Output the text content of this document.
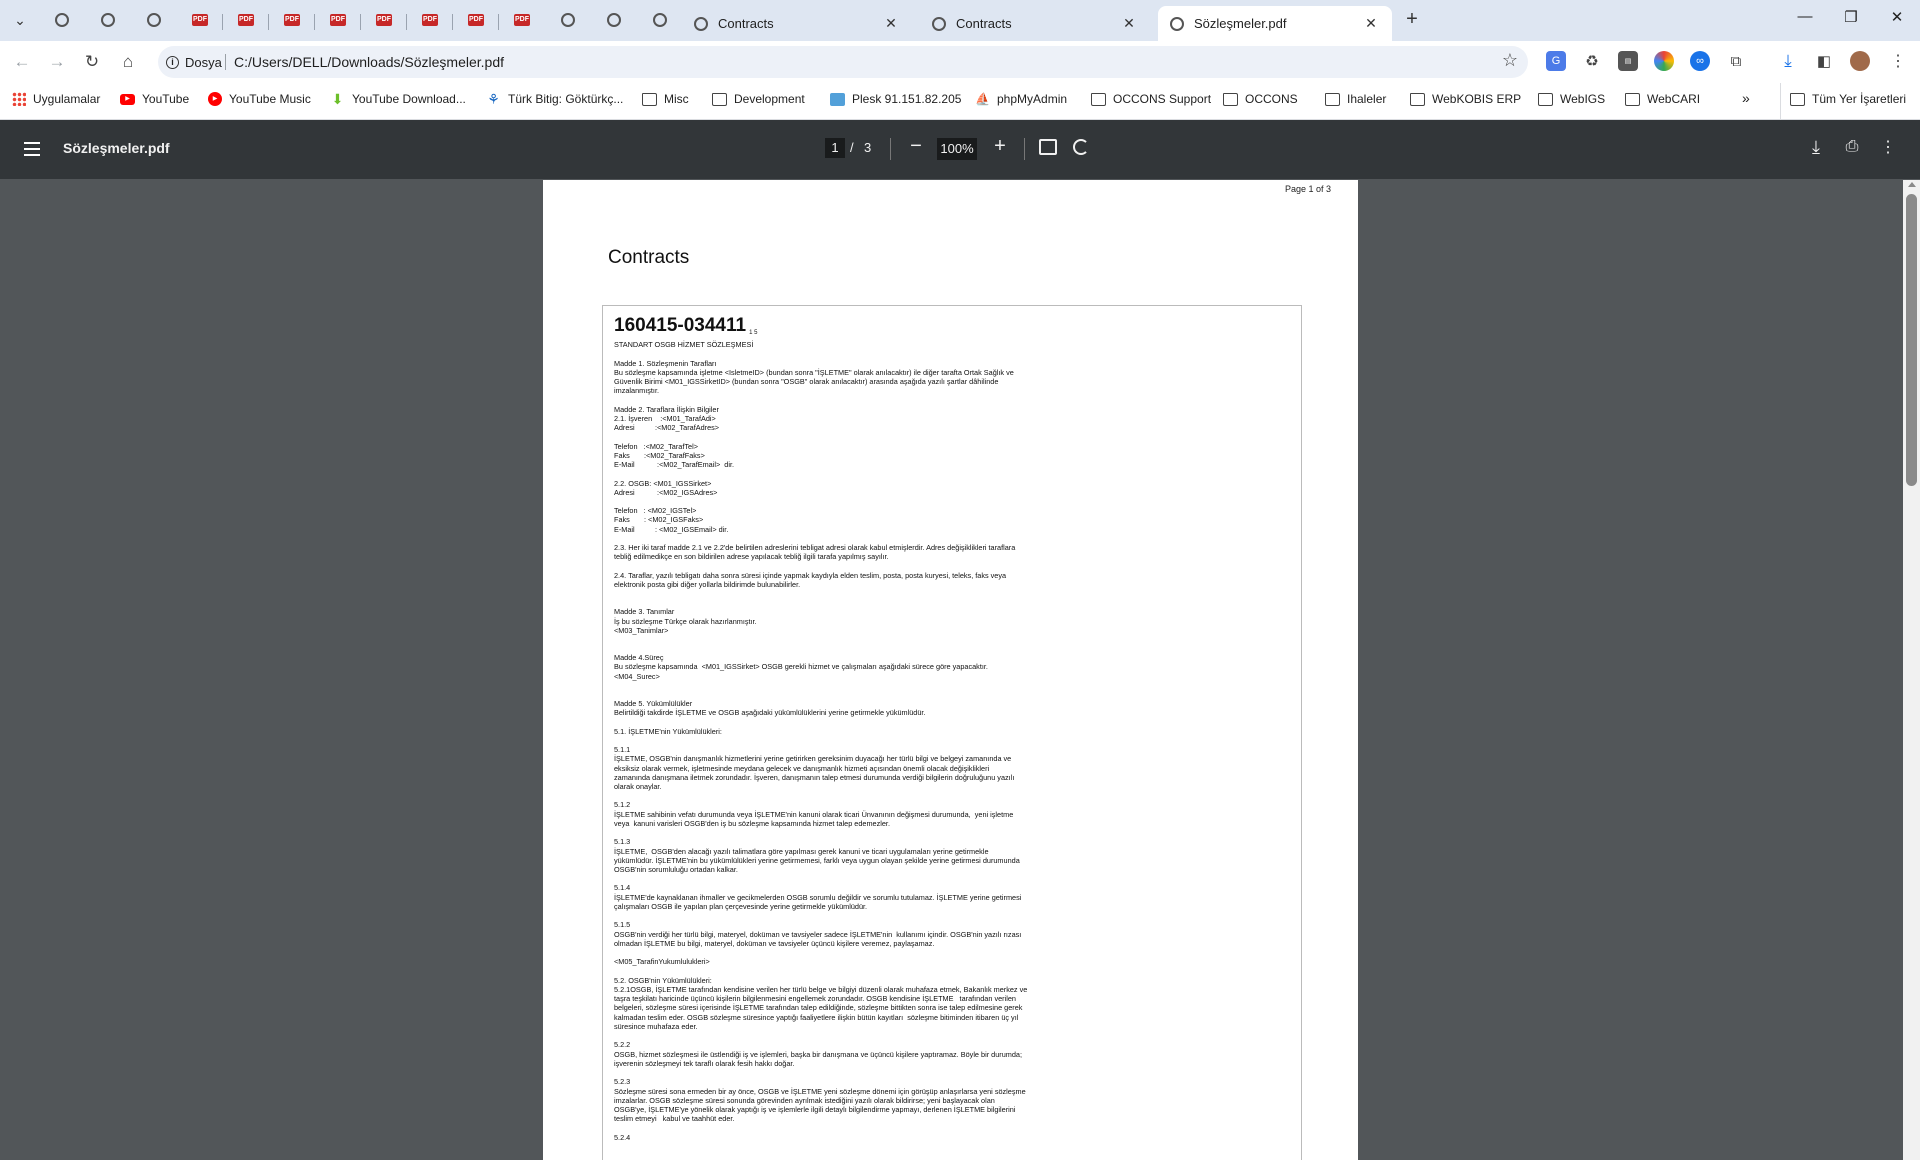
⌄	PDF	PDF	PDF	PDF	PDF	PDF	PDF	PDF	Contracts	✕	Contracts	✕	Sözleşmeler.pdf	✕	+	—	❐	✕
← → ↻	⌂	i Dosya C:/Users/DELL/Downloads/Sözleşmeler.pdf	☆	G	♻	▤	∞	⧉	⤓	◧	⋮
Uygulamalar	▶	YouTube	▶ YouTube Music ⬇ YouTube Download... ⚘ Türk Bitig: Göktürkç...	Misc	Development	Plesk 91.151.82.205 ⛵ phpMyAdmin	OCCONS Support	OCCONS	Ihaleler	WebKOBIS ERP	WebIGS	WebCARI	»	Tüm Yer İşaretleri
Sözleşmeler.pdf	1 / 3 −	100% +	⤓	⎙ ⋮
Page 1 of 3
Contracts
160415-034411 $_{1 5}$

STANDART OSGB HİZMET SÖZLEŞMESİ

Madde 1. Sözleşmenin Tarafları

Bu sözleşme kapsamında işletme <IsletmeID> (bundan sonra "İŞLETME" olarak anılacaktır) ile diğer tarafta Ortak Sağlık ve

Güvenlik Birimi <M01_IGSSirketID> (bundan sonra "OSGB" olarak anılacaktır) arasında aşağıda yazılı şartlar dâhilinde

imzalanmıştır.

Madde 2. Taraflara İlişkin Bilgiler

2.1. İşveren    :<M01_TarafAdi>

Adresi          :<M02_TarafAdres>

Telefon   :<M02_TarafTel>

Faks       :<M02_TarafFaks>

E-Mail           :<M02_TarafEmail>  dir.

2.2. OSGB: <M01_IGSSirket>

Adresi           :<M02_IGSAdres>

Telefon   : <M02_IGSTel>

Faks       : <M02_IGSFaks>

E-Mail          : <M02_IGSEmail> dir.

2.3. Her iki taraf madde 2.1 ve 2.2'de belirtilen adreslerini tebligat adresi olarak kabul etmişlerdir. Adres değişiklikleri taraflara

tebliğ edilmedikçe en son bildirilen adrese yapılacak tebliğ ilgili tarafa yapılmış sayılır.

2.4. Taraflar, yazılı tebligatı daha sonra süresi içinde yapmak kaydıyla elden teslim, posta, posta kuryesi, teleks, faks veya

elektronik posta gibi diğer yollarla bildirimde bulunabilirler.

Madde 3. Tanımlar

İş bu sözleşme Türkçe olarak hazırlanmıştır.

<M03_Tanimlar>

Madde 4.Süreç

Bu sözleşme kapsamında  <M01_IGSSirket> OSGB gerekli hizmet ve çalışmaları aşağıdaki sürece göre yapacaktır.

<M04_Surec>

Madde 5. Yükümlülükler

Belirtildiği takdirde İŞLETME ve OSGB aşağıdaki yükümlülüklerini yerine getirmekle yükümlüdür.

5.1. İŞLETME'nin Yükümlülükleri:

5.1.1

İŞLETME, OSGB'nin danışmanlık hizmetlerini yerine getirirken gereksinim duyacağı her türlü bilgi ve belgeyi zamanında ve

eksiksiz olarak vermek, işletmesinde meydana gelecek ve danışmanlık hizmeti açısından önemli olacak değişiklikleri

zamanında danışmana iletmek zorundadır. İşveren, danışmanın talep etmesi durumunda verdiği bilgilerin doğruluğunu yazılı

olarak onaylar.

5.1.2

İŞLETME sahibinin vefatı durumunda veya İŞLETME'nin kanuni olarak ticari Ünvanının değişmesi durumunda,  yeni işletme

veya  kanuni varisleri OSGB'den iş bu sözleşme kapsamında hizmet talep edemezler.

5.1.3

İŞLETME,  OSGB'den alacağı yazılı talimatlara göre yapılması gerek kanuni ve ticari uygulamaları yerine getirmekle

yükümlüdür. İŞLETME'nin bu yükümlülükleri yerine getirmemesi, farklı veya uygun olayan şekilde yerine getirmesi durumunda

OSGB'nin sorumluluğu ortadan kalkar.

5.1.4

İŞLETME'de kaynaklanan ihmaller ve gecikmelerden OSGB sorumlu değildir ve sorumlu tutulamaz. İŞLETME yerine getirmesi

çalışmaları OSGB ile yapılan plan çerçevesinde yerine getirmekle yükümlüdür.

5.1.5

OSGB'nin verdiği her türlü bilgi, materyel, doküman ve tavsiyeler sadece İŞLETME'nin  kullanımı içindir. OSGB'nin yazılı rızası

olmadan İŞLETME bu bilgi, materyel, doküman ve tavsiyeler üçüncü kişilere veremez, paylaşamaz.

<M05_TarafinYukumlulukleri>

5.2. OSGB'nin Yükümlülükleri:

5.2.1OSGB, İŞLETME tarafından kendisine verilen her türlü belge ve bilgiyi düzenli olarak muhafaza etmek, Bakanlık merkez ve

taşra teşkilatı haricinde üçüncü kişilerin bilgilenmesini engellemek zorundadır. OSGB kendisine İŞLETME   tarafından verilen

belgeleri, sözleşme süresi içerisinde İŞLETME tarafından talep edildiğinde, sözleşme bittikten sonra ise talep edilmesine gerek

kalmadan teslim eder. OSGB sözleşme süresince yaptığı faaliyetlere ilişkin bütün kayıtları  sözleşme bitiminden itibaren üç yıl

süresince muhafaza eder.

5.2.2

OSGB, hizmet sözleşmesi ile üstlendiği iş ve işlemleri, başka bir danışmana ve üçüncü kişilere yaptıramaz. Böyle bir durumda;

işverenin sözleşmeyi tek taraflı olarak fesih hakkı doğar.

5.2.3

Sözleşme süresi sona ermeden bir ay önce, OSGB ve İŞLETME yeni sözleşme dönemi için görüşüp anlaşırlarsa yeni sözleşme

imzalarlar. OSGB sözleşme süresi sonunda görevinden ayrılmak istediğini yazılı olarak bildirirse; yeni başlayacak olan

OSGB'ye, İŞLETME'ye yönelik olarak yaptığı iş ve işlemlerle ilgili detaylı bilgilendirme yapmayı, derlenen İŞLETME bilgilerini

teslim etmeyi   kabul ve taahhüt eder.

5.2.4
